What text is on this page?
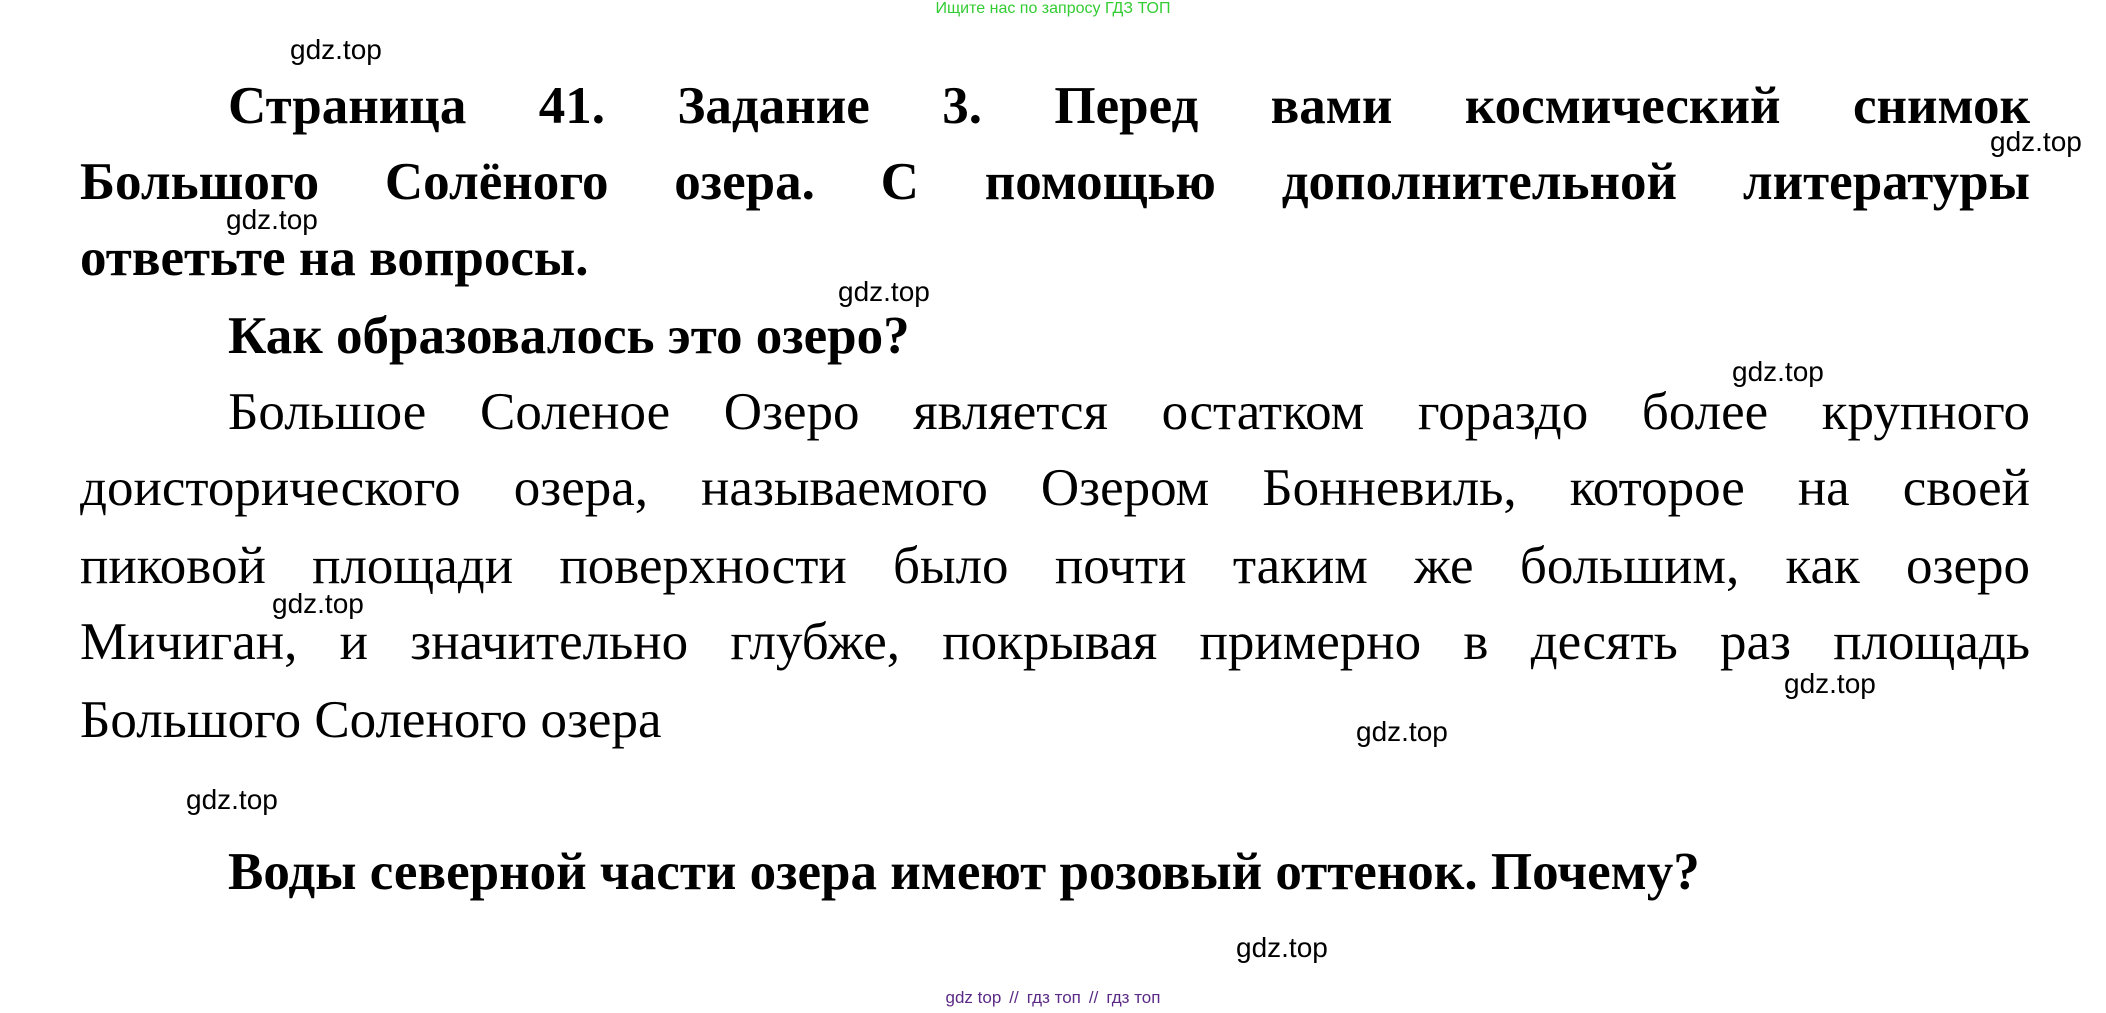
Ищите нас по запросу ГДЗ ТОП
Страница 41. Задание 3. Перед вами космический снимок
Большого Солёного озера. С помощью дополнительной литературы
ответьте на вопросы.
Как образовалось это озеро?
Большое Соленое Озеро является остатком гораздо более крупного
доисторического озера, называемого Озером Бонневиль, которое на своей
пиковой площади поверхности было почти таким же большим, как озеро
Мичиган, и значительно глубже, покрывая примерно в десять раз площадь
Большого Соленого озера
Воды северной части озера имеют розовый оттенок. Почему?
gdz.top
gdz.top
gdz.top
gdz.top
gdz.top
gdz.top
gdz.top
gdz.top
gdz.top
gdz.top
gdz top // гдз топ // гдз топ
